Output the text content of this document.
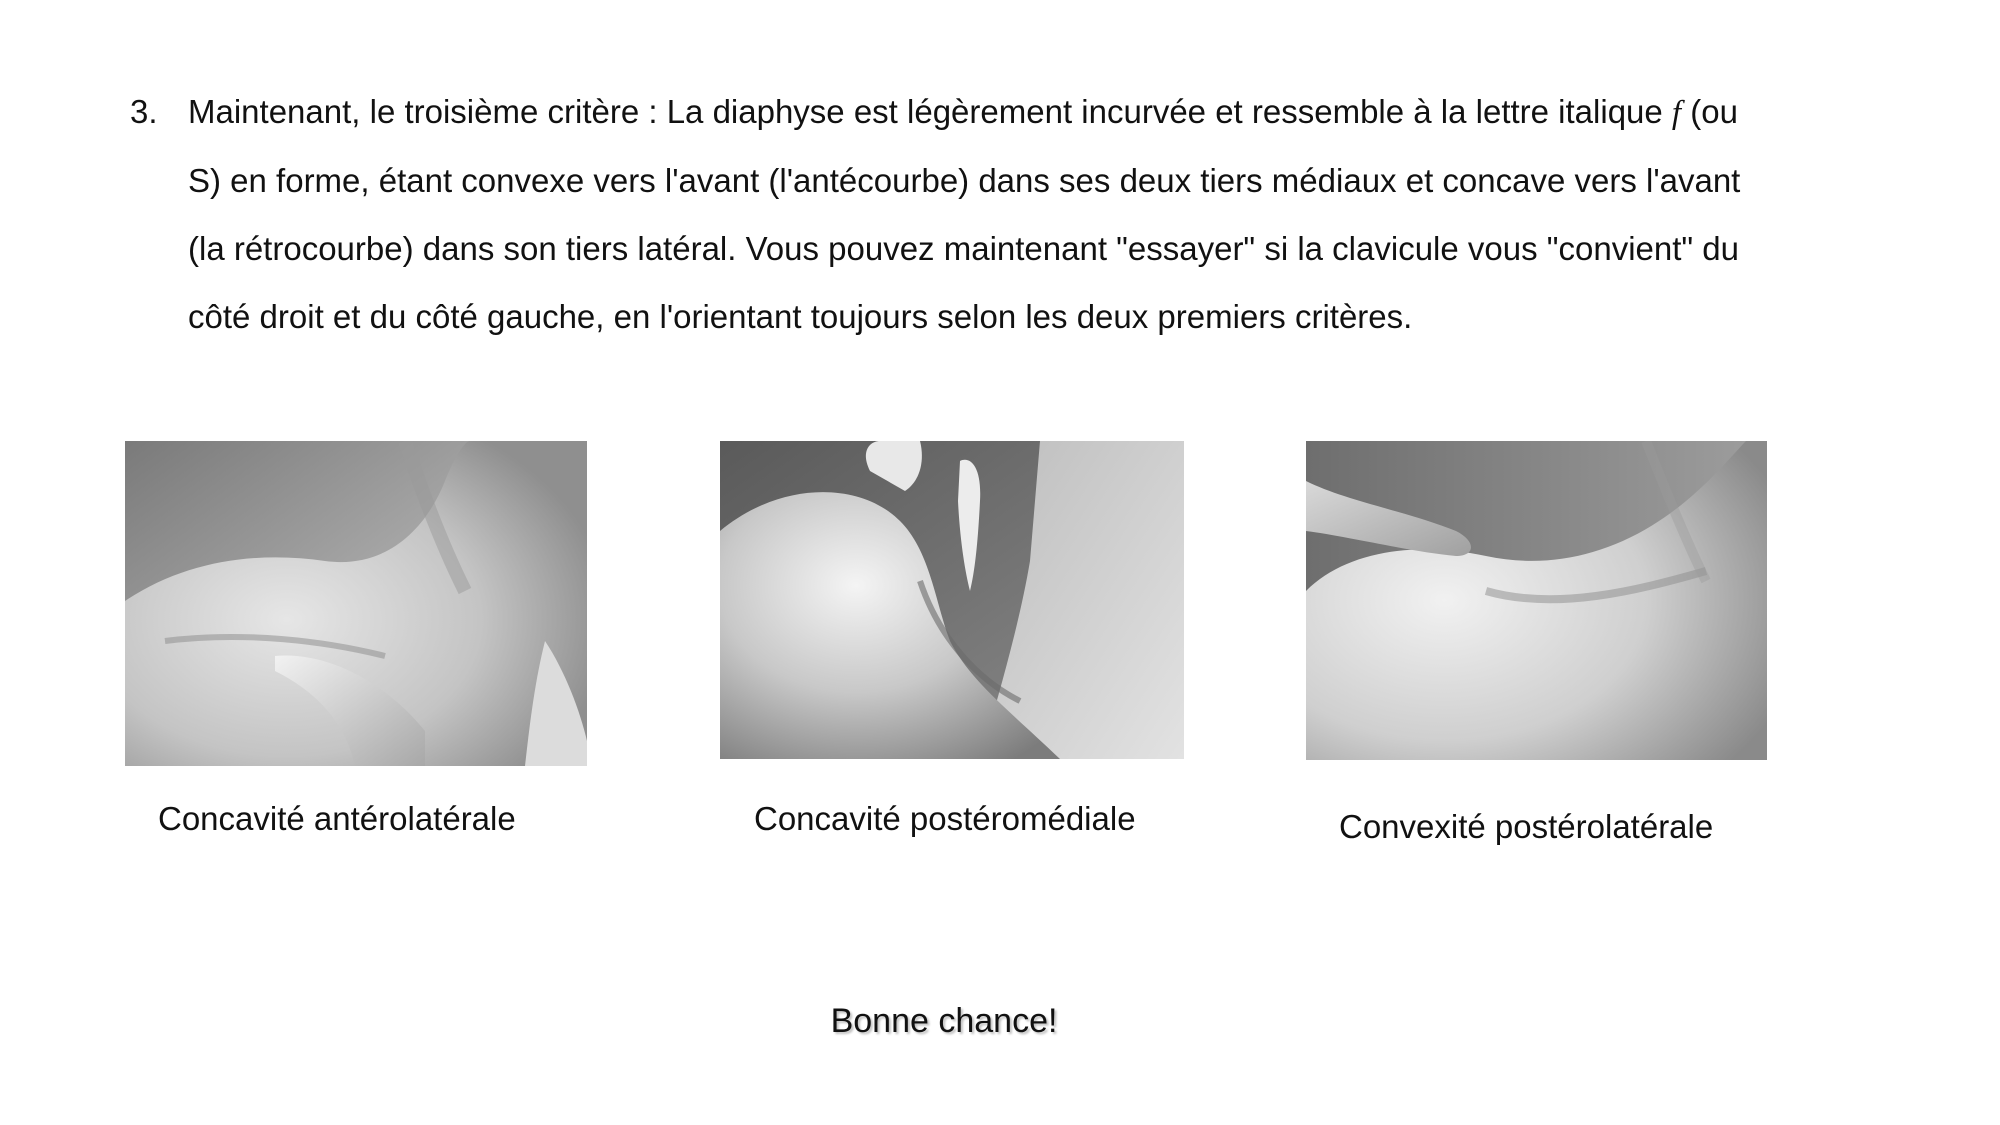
3. Maintenant, le troisième critère : La diaphyse est légèrement incurvée et ressemble à la lettre italique f (ou S) en forme, étant convexe vers l'avant (l'antécourbe) dans ses deux tiers médiaux et concave vers l'avant (la rétrocourbe) dans son tiers latéral. Vous pouvez maintenant "essayer" si la clavicule vous "convient" du côté droit et du côté gauche, en l'orientant toujours selon les deux premiers critères.
Concavité antérolatérale	Concavité postéromédiale	Convexité postérolatérale
Bonne chance!
